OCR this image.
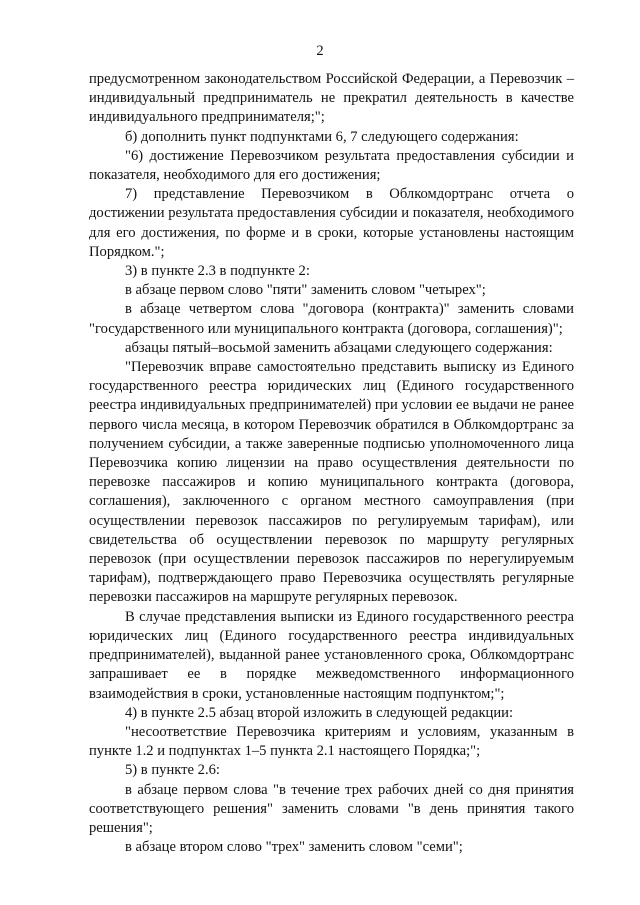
2

предусмотренном законодательством Российской Федерации, а Перевозчик – индивидуальный предприниматель не прекратил деятельность в качестве индивидуального предпринимателя;";

б) дополнить пункт подпунктами 6, 7 следующего содержания:

"6) достижение Перевозчиком результата предоставления субсидии и показателя, необходимого для его достижения;

7) представление Перевозчиком в Облкомдортранс отчета о достижении результата предоставления субсидии и показателя, необходимого для его достижения, по форме и в сроки, которые установлены настоящим Порядком.";

3) в пункте 2.3 в подпункте 2:

в абзаце первом слово "пяти" заменить словом "четырех";

в абзаце четвертом слова "договора (контракта)" заменить словами "государственного или муниципального контракта (договора, соглашения)";

абзацы пятый–восьмой заменить абзацами следующего содержания:

"Перевозчик вправе самостоятельно представить выписку из Единого государственного реестра юридических лиц (Единого государственного реестра индивидуальных предпринимателей) при условии ее выдачи не ранее первого числа месяца, в котором Перевозчик обратился в Облкомдортранс за получением субсидии, а также заверенные подписью уполномоченного лица Перевозчика копию лицензии на право осуществления деятельности по перевозке пассажиров и копию муниципального контракта (договора, соглашения), заключенного с органом местного самоуправления (при осуществлении перевозок пассажиров по регулируемым тарифам), или свидетельства об осуществлении перевозок по маршруту регулярных перевозок (при осуществлении перевозок пассажиров по нерегулируемым тарифам), подтверждающего право Перевозчика осуществлять регулярные перевозки пассажиров на маршруте регулярных перевозок.

В случае представления выписки из Единого государственного реестра юридических лиц (Единого государственного реестра индивидуальных предпринимателей), выданной ранее установленного срока, Облкомдортранс запрашивает ее в порядке межведомственного информационного взаимодействия в сроки, установленные настоящим подпунктом;";

4) в пункте 2.5 абзац второй изложить в следующей редакции:

"несоответствие Перевозчика критериям и условиям, указанным в пункте 1.2 и подпунктах 1–5 пункта 2.1 настоящего Порядка;";

5) в пункте 2.6:

в абзаце первом слова "в течение трех рабочих дней со дня принятия соответствующего решения" заменить словами "в день принятия такого решения";

в абзаце втором слово "трех" заменить словом "семи";
